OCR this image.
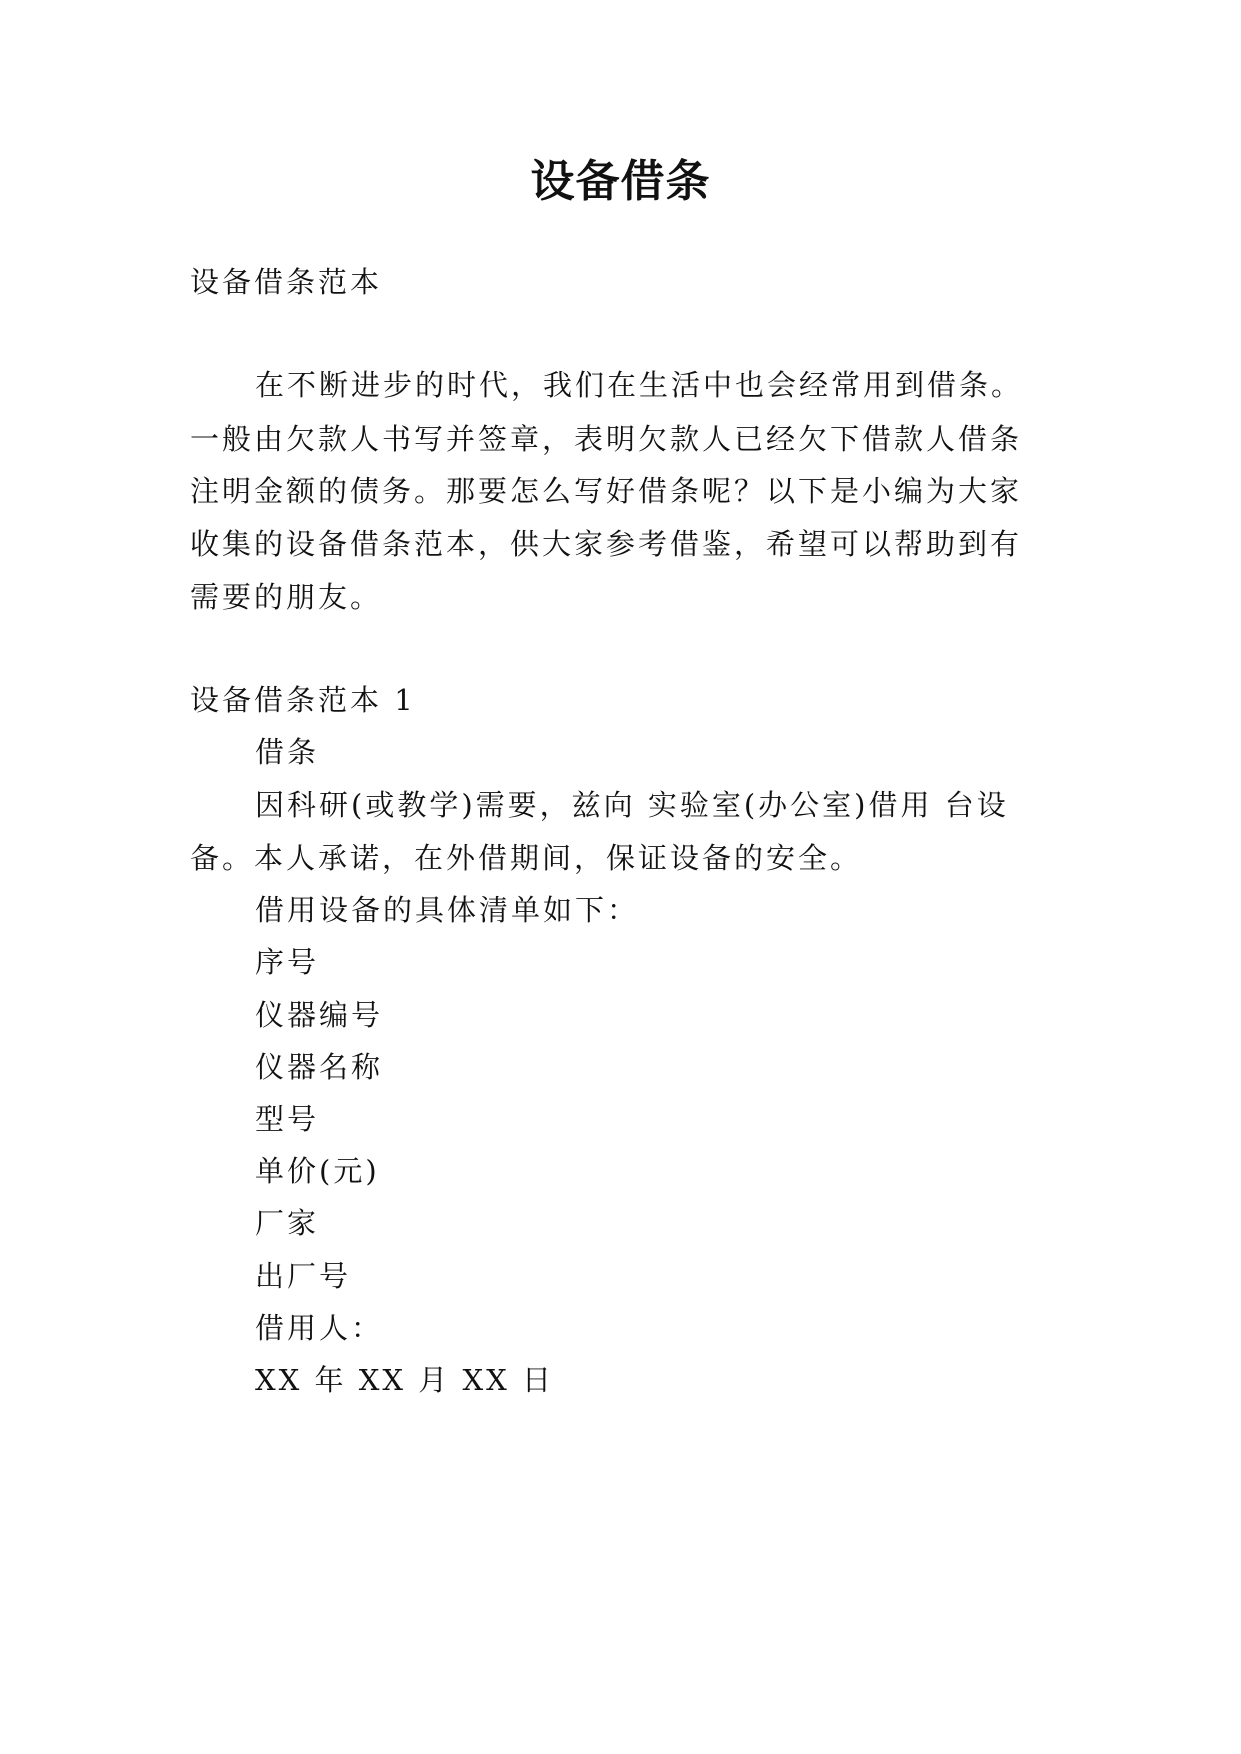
设备借条
设备借条范本
在不断进步的时代，我们在生活中也会经常用到借条。
一般由欠款人书写并签章，表明欠款人已经欠下借款人借条
注明金额的债务。那要怎么写好借条呢？以下是小编为大家
收集的设备借条范本，供大家参考借鉴，希望可以帮助到有
需要的朋友。
设备借条范本 1
借条
因科研(或教学)需要，兹向 实验室(办公室)借用 台设
备。本人承诺，在外借期间，保证设备的安全。
借用设备的具体清单如下：
序号
仪器编号
仪器名称
型号
单价(元)
厂家
出厂号
借用人：
XX 年 XX 月 XX 日
